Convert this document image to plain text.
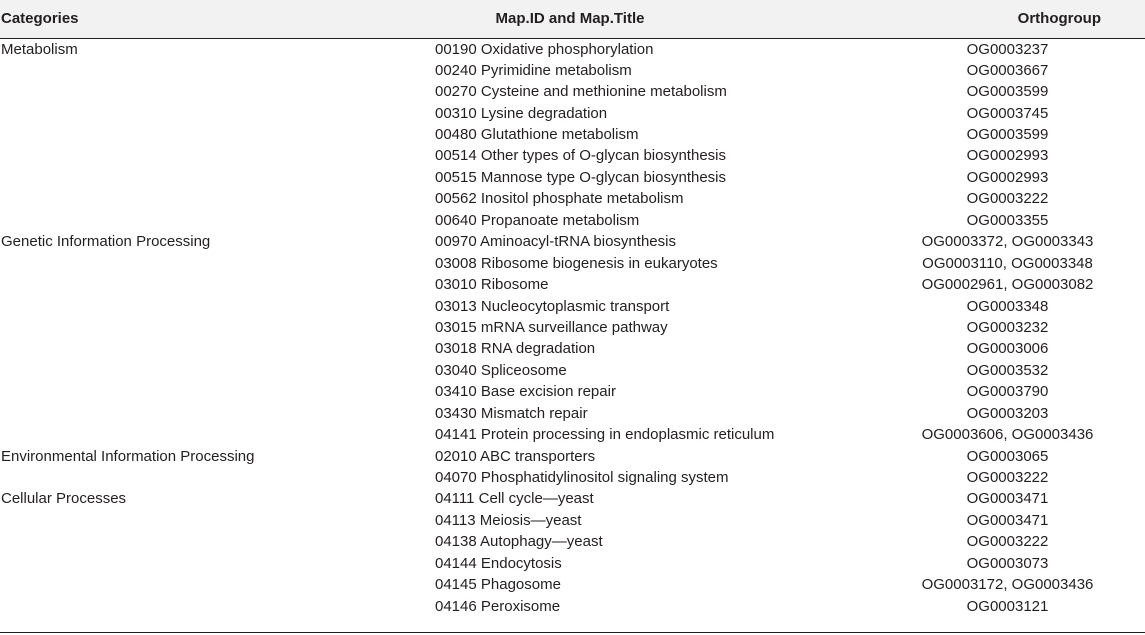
Categories	Map.ID and Map.Title	Orthogroup
Metabolism	00190 Oxidative phosphorylation	OG0003237
	00240 Pyrimidine metabolism	OG0003667
	00270 Cysteine and methionine metabolism	OG0003599
	00310 Lysine degradation	OG0003745
	00480 Glutathione metabolism	OG0003599
	00514 Other types of O-glycan biosynthesis	OG0002993
	00515 Mannose type O-glycan biosynthesis	OG0002993
	00562 Inositol phosphate metabolism	OG0003222
	00640 Propanoate metabolism	OG0003355
Genetic Information Processing	00970 Aminoacyl-tRNA biosynthesis	OG0003372, OG0003343
	03008 Ribosome biogenesis in eukaryotes	OG0003110, OG0003348
	03010 Ribosome	OG0002961, OG0003082
	03013 Nucleocytoplasmic transport	OG0003348
	03015 mRNA surveillance pathway	OG0003232
	03018 RNA degradation	OG0003006
	03040 Spliceosome	OG0003532
	03410 Base excision repair	OG0003790
	03430 Mismatch repair	OG0003203
	04141 Protein processing in endoplasmic reticulum	OG0003606, OG0003436
Environmental Information Processing	02010 ABC transporters	OG0003065
	04070 Phosphatidylinositol signaling system	OG0003222
Cellular Processes	04111 Cell cycle—yeast	OG0003471
	04113 Meiosis—yeast	OG0003471
	04138 Autophagy—yeast	OG0003222
	04144 Endocytosis	OG0003073
	04145 Phagosome	OG0003172, OG0003436
	04146 Peroxisome	OG0003121
